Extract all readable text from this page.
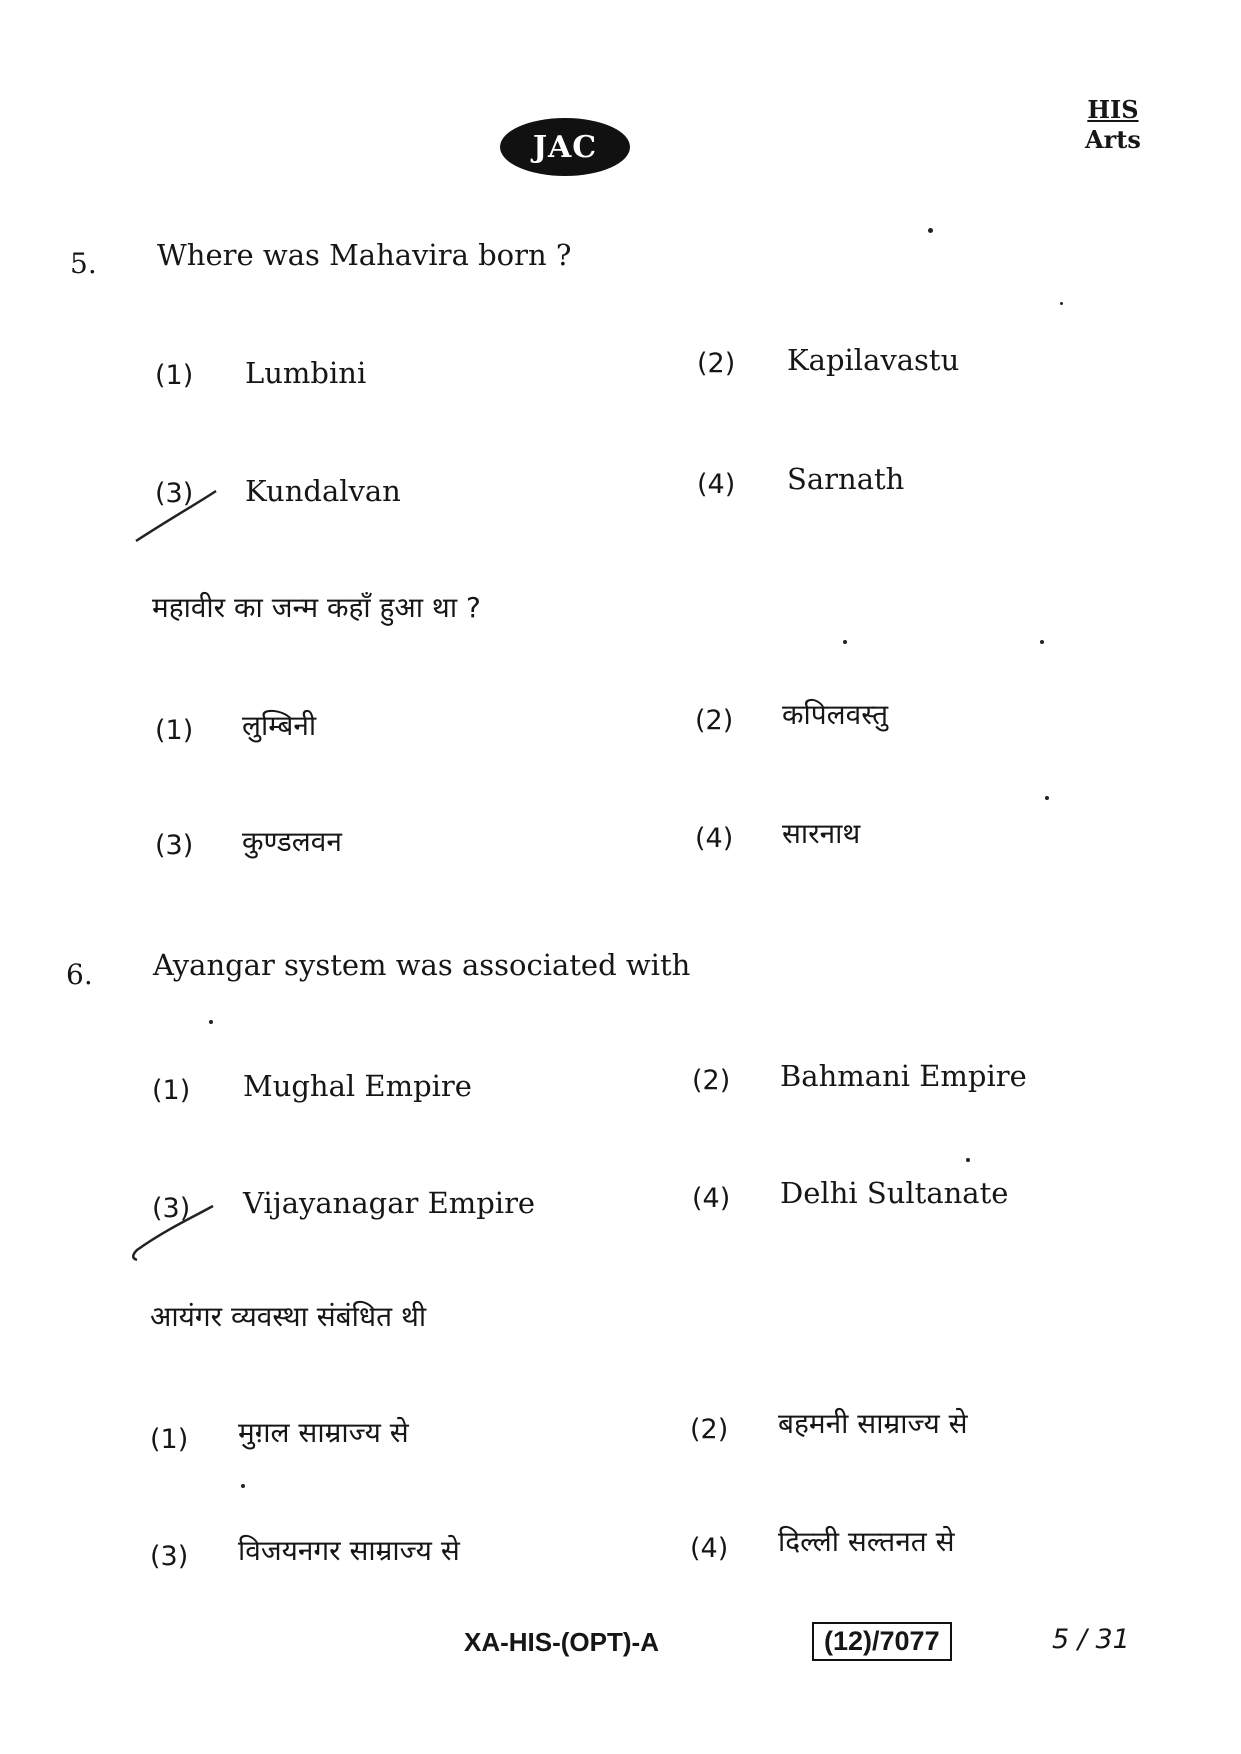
JAC
HIS
Arts
5. Where was Mahavira born ?
(1) Lumbini	(2) Kapilavastu
(3) Kundalvan	(4) Sarnath
महावीर का जन्म कहाँ हुआ था ?
(1) लुम्बिनी	(2) कपिलवस्तु
(3) कुण्डलवन	(4) सारनाथ
6. Ayangar system was associated with
(1) Mughal Empire	(2) Bahmani Empire
(3) Vijayanagar Empire	(4) Delhi Sultanate
आयंगर व्यवस्था संबंधित थी
(1) मुग़ल साम्राज्य से	(2) बहमनी साम्राज्य से
(3) विजयनगर साम्राज्य से	(4) दिल्ली सल्तनत से
XA-HIS-(OPT)-A	(12)/7077	5 / 31
